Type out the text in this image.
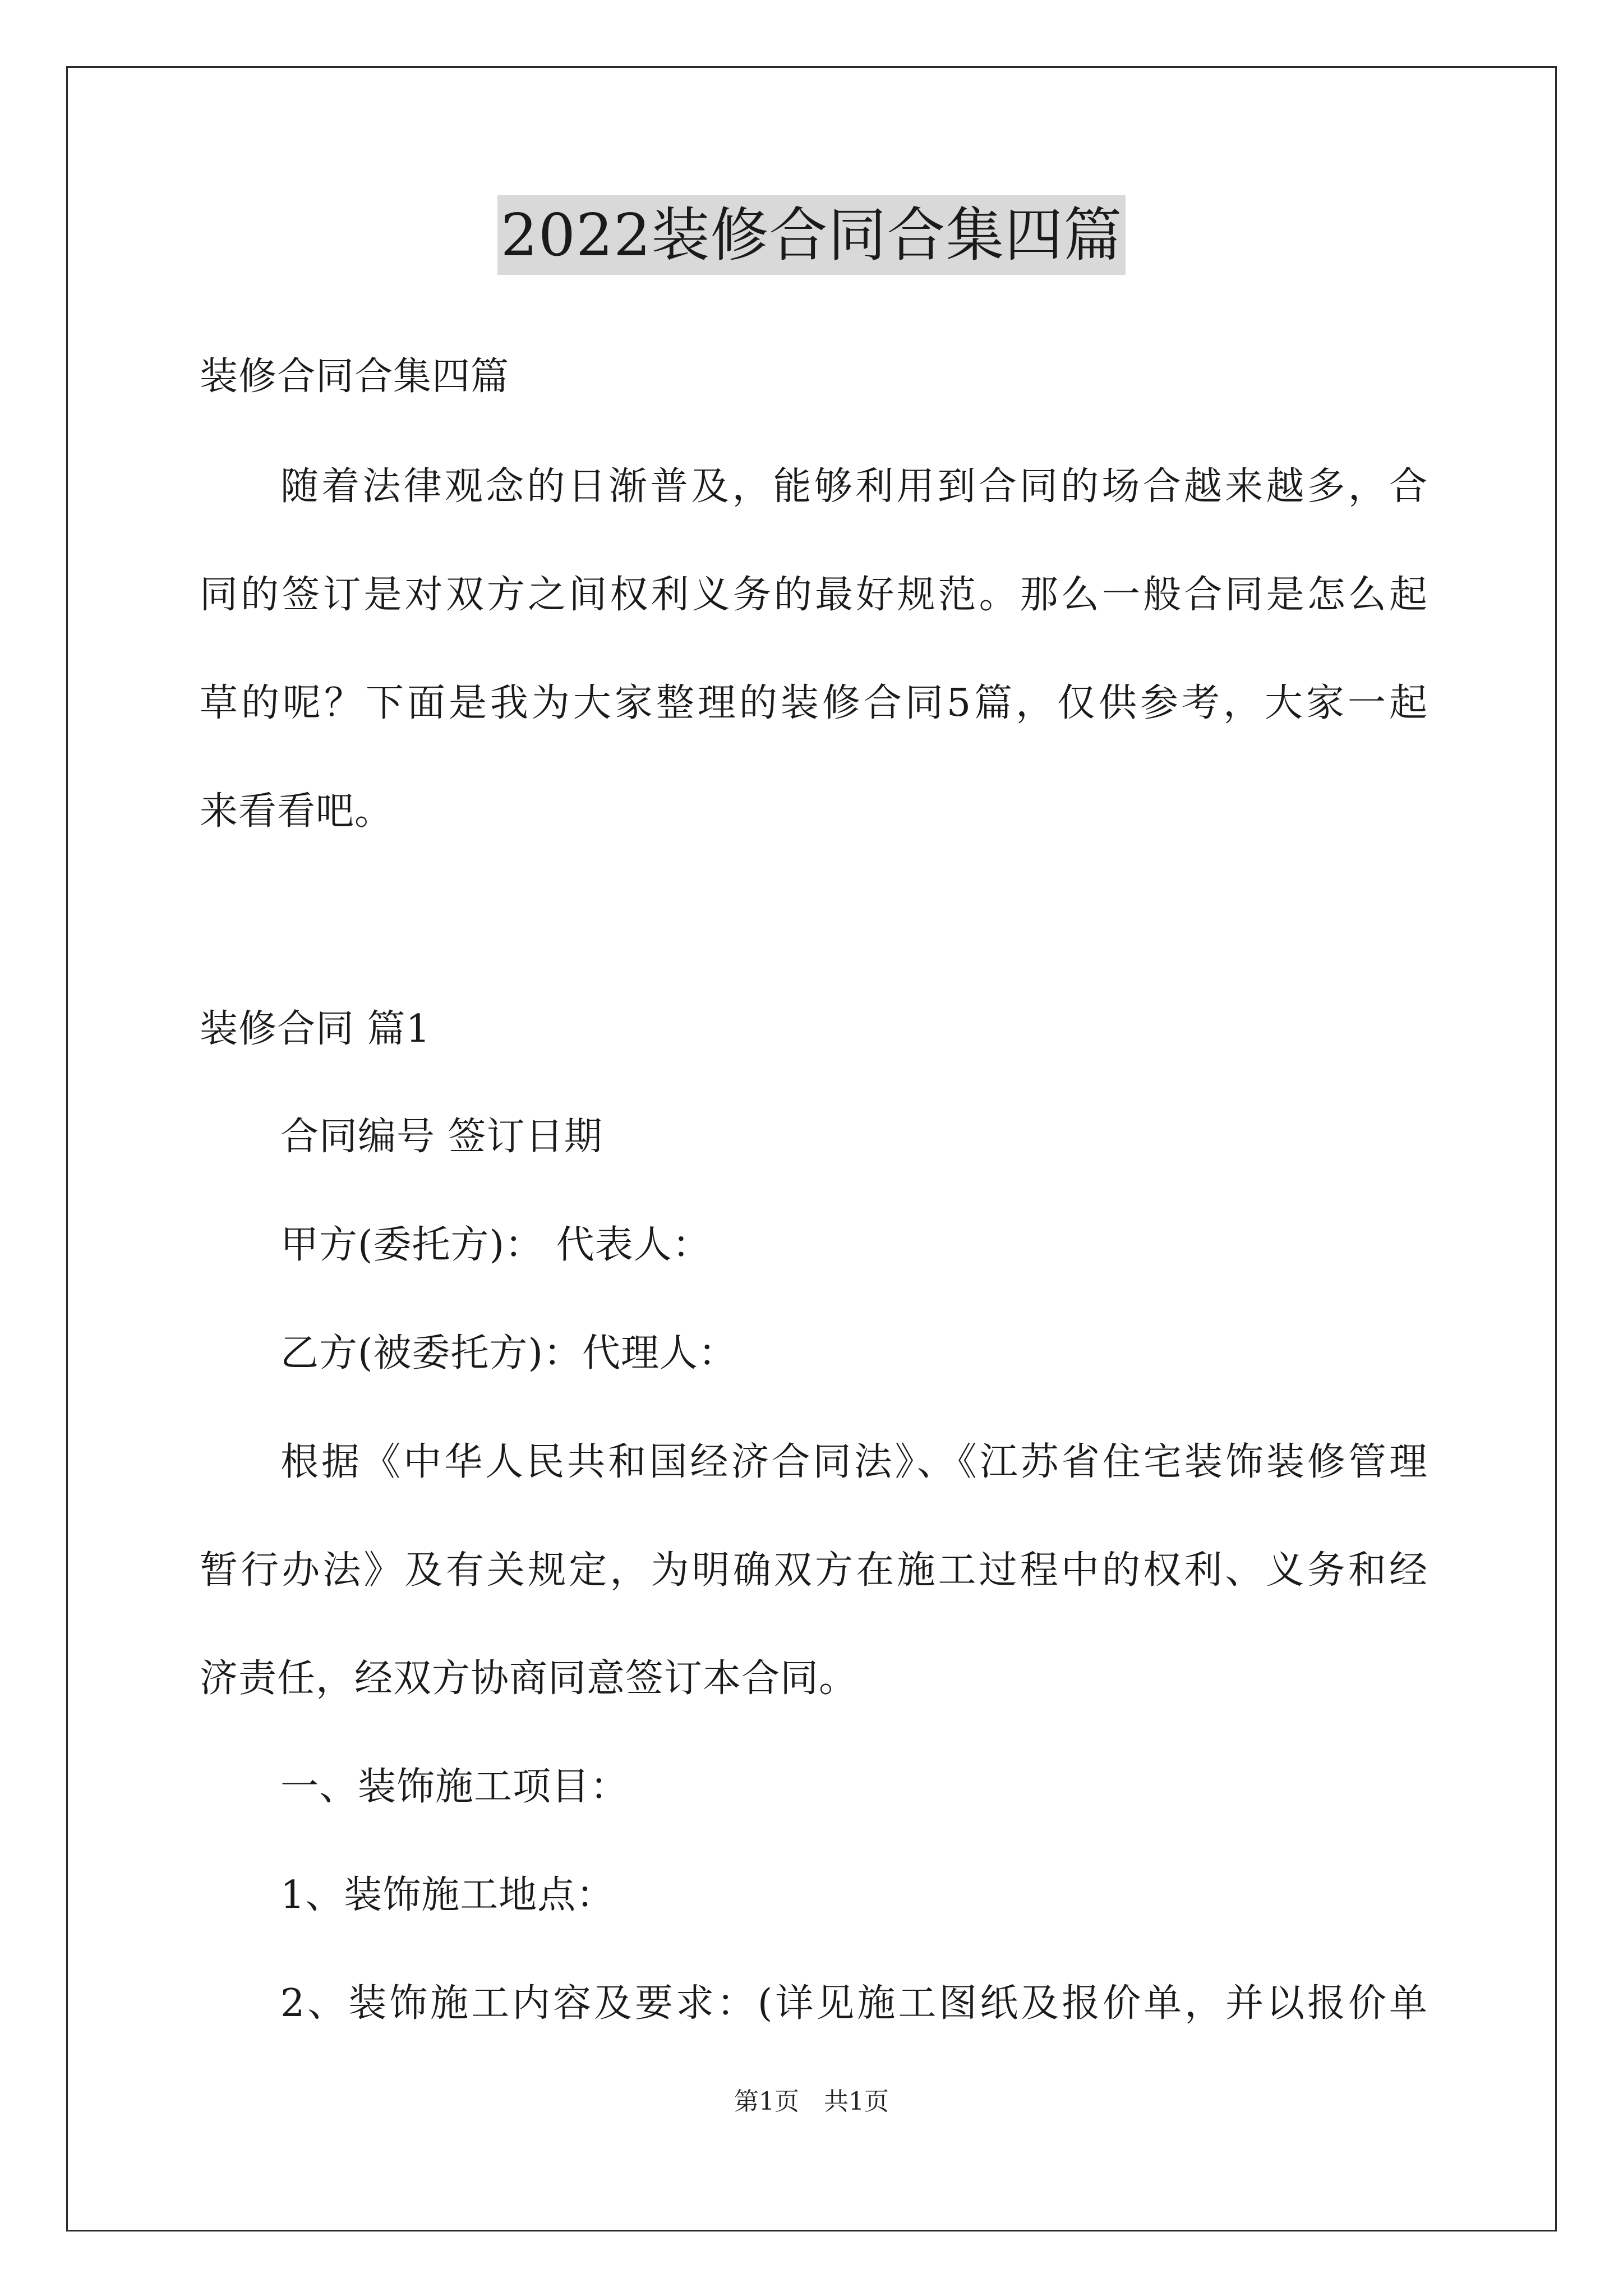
2022装修合同合集四篇
装修合同合集四篇
随着法律观念的日渐普及，能够利用到合同的场合越来越多，合
同的签订是对双方之间权利义务的最好规范。那么一般合同是怎么起
草的呢？下面是我为大家整理的装修合同5篇，仅供参考，大家一起
来看看吧。
装修合同 篇1
合同编号 签订日期
甲方(委托方)： 代表人：
乙方(被委托方)：代理人：
根据《中华人民共和国经济合同法》、《江苏省住宅装饰装修管理
暂行办法》及有关规定，为明确双方在施工过程中的权利、义务和经
济责任，经双方协商同意签订本合同。
一、装饰施工项目：
1、装饰施工地点：
2、装饰施工内容及要求：(详见施工图纸及报价单，并以报价单
第1页　共1页
